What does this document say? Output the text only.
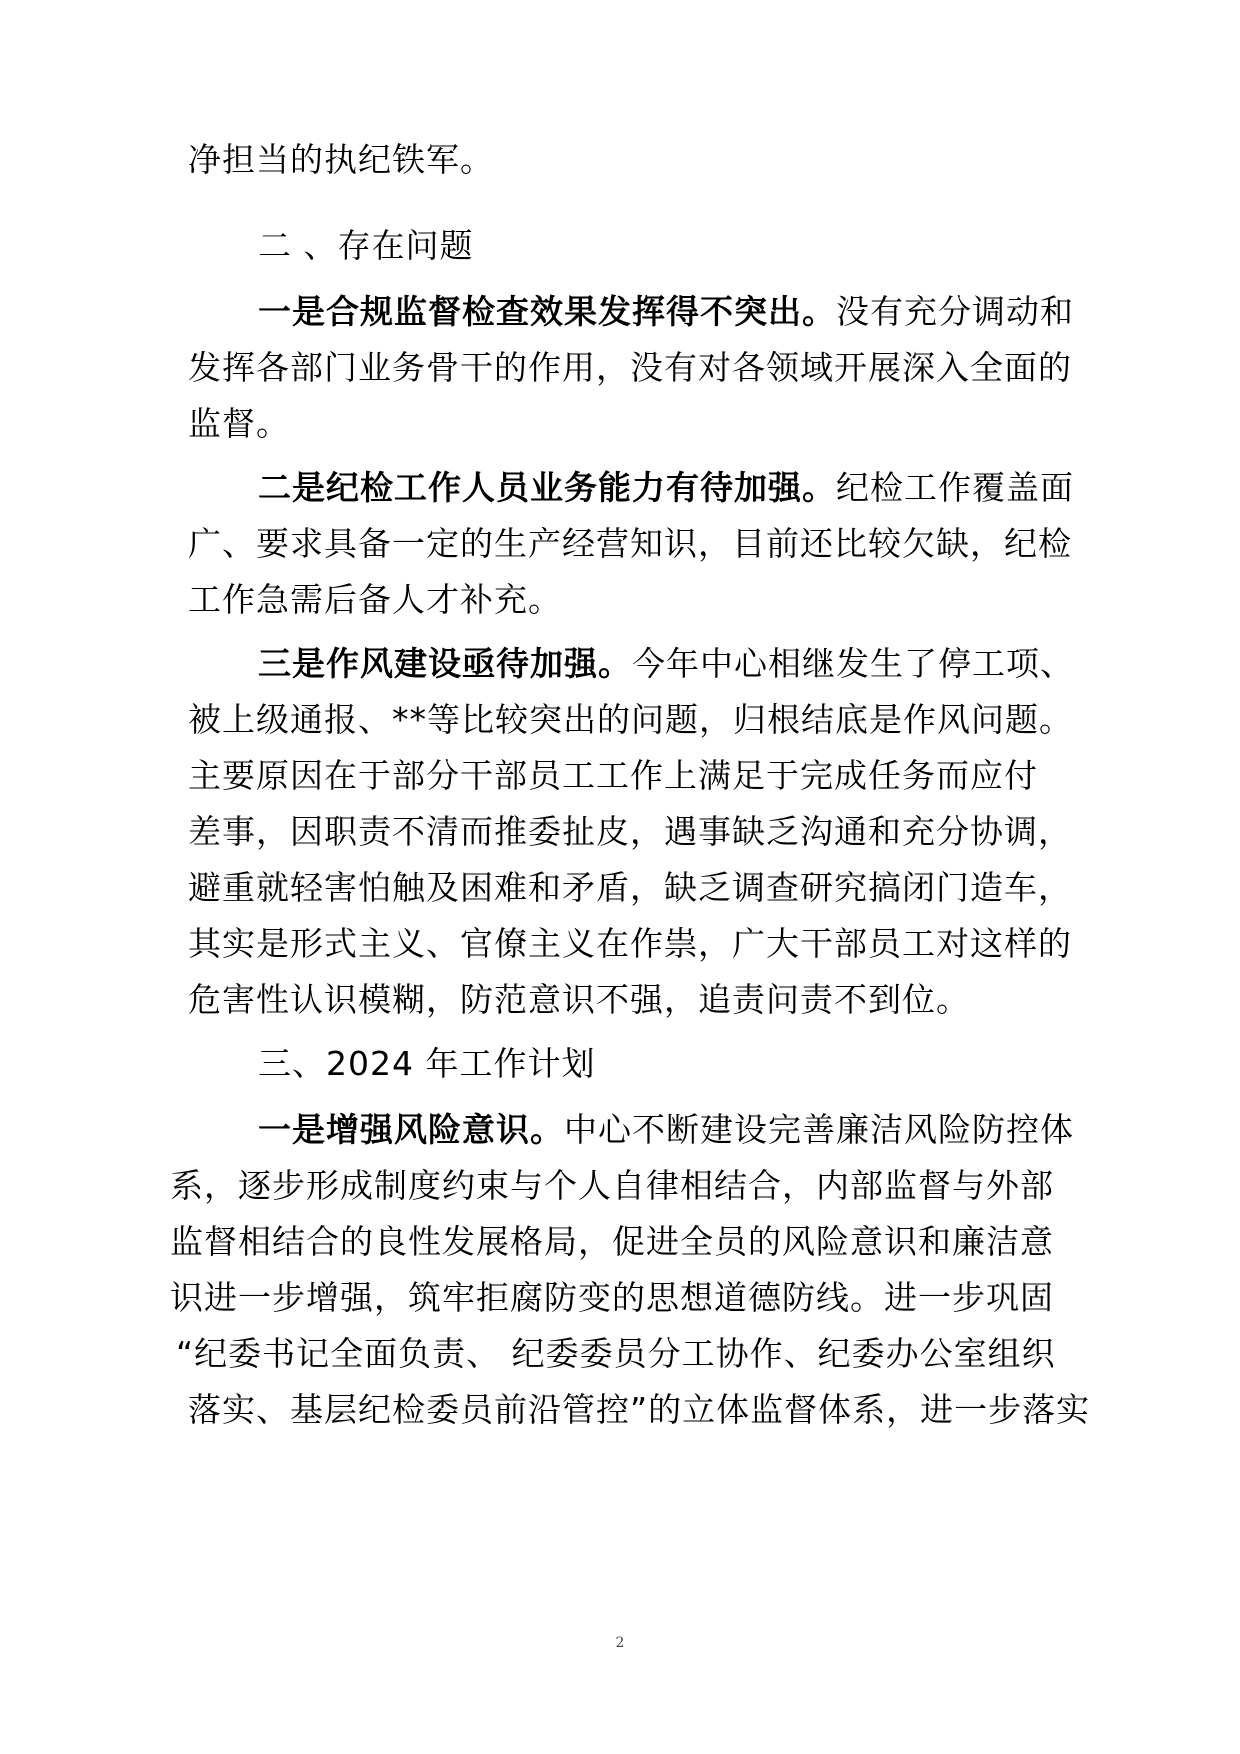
净担当的执纪铁军。
二 、存在问题
一是合规监督检查效果发挥得不突出。没有充分调动和
发挥各部门业务骨干的作用，没有对各领域开展深入全面的
监督。
二是纪检工作人员业务能力有待加强。纪检工作覆盖面
广、要求具备一定的生产经营知识，目前还比较欠缺，纪检
工作急需后备人才补充。
三是作风建设亟待加强。今年中心相继发生了停工项、
被上级通报、**等比较突出的问题，归根结底是作风问题。
主要原因在于部分干部员工工作上满足于完成任务而应付
差事，因职责不清而推委扯皮，遇事缺乏沟通和充分协调，
避重就轻害怕触及困难和矛盾，缺乏调查研究搞闭门造车，
其实是形式主义、官僚主义在作祟，广大干部员工对这样的
危害性认识模糊，防范意识不强，追责问责不到位。
三、2024 年工作计划
一是增强风险意识。中心不断建设完善廉洁风险防控体
系，逐步形成制度约束与个人自律相结合，内部监督与外部
监督相结合的良性发展格局，促进全员的风险意识和廉洁意
识进一步增强，筑牢拒腐防变的思想道德防线。进一步巩固
“纪委书记全面负责、 纪委委员分工协作、纪委办公室组织
落实、基层纪检委员前沿管控”的立体监督体系，进一步落实
2
